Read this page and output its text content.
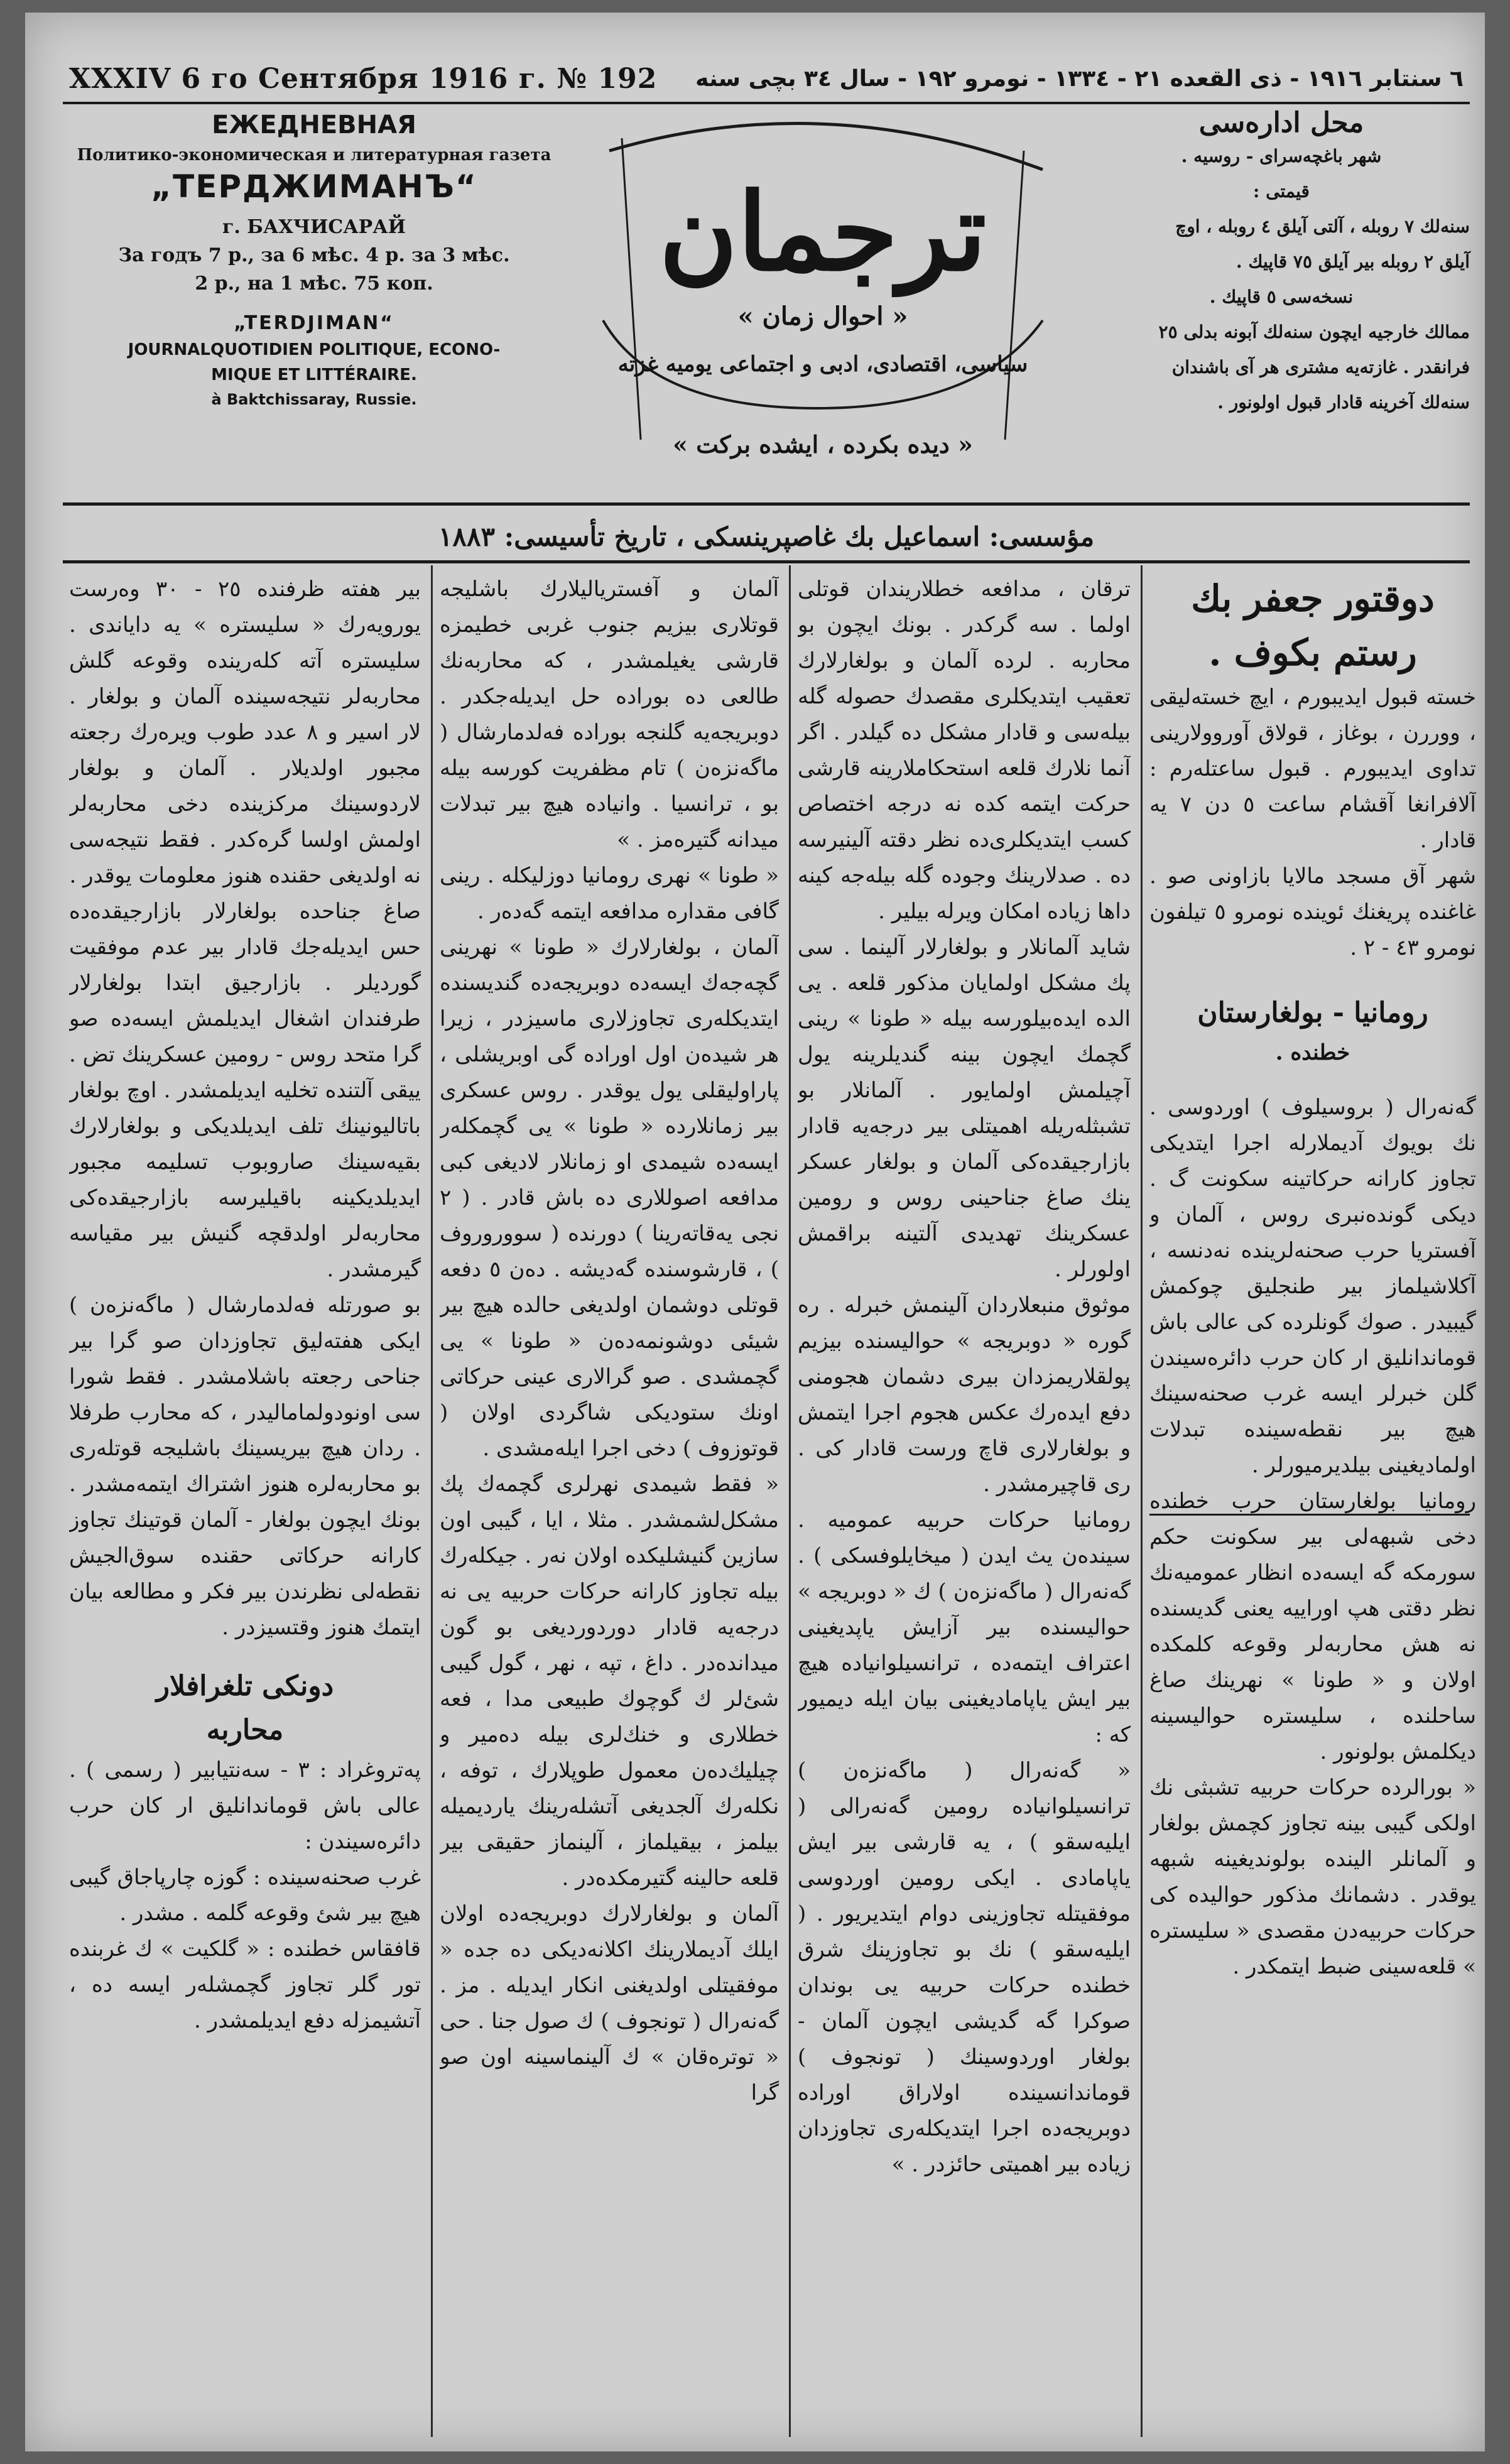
XXXIV 6 го Сентября 1916 г. № 192 ٦ سنتابر ١٩١٦ - ذی القعده ٢١ - ١٣٣٤ - نومرو ١٩٢ - سال ٣٤ بچی سنه
ЕЖЕДНЕВНАЯ
Политико-экономическая и литературная газета
„ТЕРДЖИМАНЪ“
г. БАХЧИСАРАЙ
За годъ 7 р., за 6 мѣс. 4 р. за 3 мѣс.
2 р., на 1 мѣс. 75 коп.
„TERDJIMAN“
JOURNALQUOTIDIEN POLITIQUE, ECONO-
MIQUE ET LITTÉRAIRE.
à Baktchissaray, Russie.
ترجمان
سیاسی، اقتصادی، ادبی و اجتماعی یومیه غزته
« احوال زمان »
« دیده بکرده ، ایشده برکت »
محل اداره‌سی
شهر باغچه‌سرای - روسیه .
قیمتی :
سنه‌لك ٧ روبله ، آلتی آیلق ٤ روبله ، اوچ
آیلق ٢ روبله بیر آیلق ٧٥ قاپیك .
نسخه‌سی ٥ قاپیك .
ممالك خارجیه ایچون سنه‌لك آبونه بدلی ٢٥
فرانقدر . غازته‌یه مشتری هر آی باشندان
سنه‌لك آخرینه قادار قبول اولونور .
مؤسسی: اسماعیل بك غاصپرینسکی ، تاریخ تأسیسی: ١٨٨٣

دوقتور جعفر بك رستم بکوف .

خسته قبول ایدیبورم ، ایچ خسته‌لیقی ، ووررن ، بوغاز ، قولاق آوروولارینی تداوی ایدیبورم . قبول ساعتله‌رم : آلافرانغا آقشام ساعت ٥ دن ٧ یه قادار .

شهر آق مسجد مالایا بازاونی صو . غاغنده پریغنك ئوینده نومرو ٥ تیلفون نومرو ٤٣ - ٢ .

رومانیا - بولغارستان

خطنده .

گه‌نه‌رال ( بروسیلوف ) اوردوسی . نك بویوك آدیملارله اجرا ایتدیکی تجاوز کارانه حرکاتینه سکونت گ . دیکی گونده‌نبری روس ، آلمان و آفستریا حرب صحنه‌لرینده نه‌دنسه ، آکلاشیلماز بیر طنجلیق چوکمش گیبیدر . صوك گونلرده کی عالی باش قوماندانلیق ار کان حرب دائره‌سیندن گلن خبرلر ایسه غرب صحنه‌سینك هیچ بیر نقطه‌سینده تبدلات اولمادیغینی بیلدیرمیورلر .

رومانیا بولغارستان حرب خطنده دخی شبهه‌لی بیر سکونت حکم سورمکه گه ایسه‌ده انظار عمومیه‌نك نظر دقتی هپ اوراییه یعنی گدیسنده نه‌ هش محاربه‌لر وقوعه کلمکده اولان و « طونا » نهرینك صاغ ساحلنده ، سلیستره حوالیسینه دیکلمش بولونور .

« بورالرده حرکات حربیه تشبثی نك اولکی گیبی بینه تجاوز کچمش بولغار و آلمانلر الینده بولوندیغینه شبهه یوقدر . دشمانك مذکور حوالیده کی حرکات حربیه‌دن مقصدی « سلیستره » قلعه‌سینی ضبط ایتمکدر .

ترقان ، مدافعه خطلاریندان قوتلی اولما . سه گرکدر . بونك ایچون بو محاربه . لرده آلمان و بولغارلارك تعقیب ایتدیکلری مقصدك حصوله گله بیله‌سی و قادار مشکل ده گیلدر . اگر آنما نلارك قلعه استحکاملارینه قارشی حرکت ایتمه کده نه درجه اختصاص کسب ایتدیکلری‌ده نظر دقته آلینیرسه ده . صدلارینك وجوده گله بیله‌جه کینه داها زیاده امکان ویرله بیلیر .

شاید آلمانلار و بولغارلار آلینما . سی پك مشکل اولمایان مذکور قلعه . یی الده ایده‌بیلورسه بیله « طونا » رینی گچمك ایچون بینه گندیلرینه یول آچیلمش اولمایور . آلمانلار بو تشبثله‌ریله اهمیتلی بیر درجه‌یه قادار بازارجیقده‌کی آلمان و بولغار عسکر ینك صاغ جناحینی روس و رومین عسکرینك تهدیدی آلتینه براقمش اولورلر .

موثوق منبعلاردان آلینمش خبرله . ره گوره « دوبریجه » حوالیسنده بیزیم پولقلاریمزدان بیری دشمان هجومنی دفع ایده‌رك عکس هجوم اجرا ایتمش و بولغارلاری قاچ ورست قادار کی . ری قاچیرمشدر .

رومانیا حرکات حربیه عمومیه . سینده‌ن یث ایدن ( میخایلوفسکی ) . گه‌نه‌رال ( ماگه‌نزه‌ن ) ك « دوبریجه » حوالیسنده بیر آزایش یاپدیغینی اعتراف ایتمه‌ده ، ترانسیلوانیاده هیچ بیر ایش یاپامادیغینی بیان ایله دیمیور که :

« گه‌نه‌رال ( ماگه‌نزه‌ن ) ترانسیلوانیاده رومین گه‌نه‌رالی ( ایلیه‌سقو ) ، یه قارشی بیر ایش یاپامادی . ایکی رومین اوردوسی موفقیتله تجاوزینی دوام ایتدیریور . ( ایلیه‌سقو ) نك بو تجاوزینك شرق خطنده حرکات حربیه یی بوندان صوکرا گه گدیشی ایچون آلمان - بولغار اوردوسینك ( تونجوف ) قوماندانسینده اولاراق اوراده دوبریجه‌ده اجرا ایتدیکله‌ری تجاوزدان زیاده بیر اهمیتی حائزدر . »

آلمان و آفستریالیلارك باشلیجه قوتلاری بیزیم جنوب غربی خطیمزه قارشی یغیلمشدر ، که محاربه‌نك طالعی ده بوراده حل ایدیله‌جکدر . دوبریجه‌یه گلنجه بوراده فه‌لدمارشال ( ماگه‌نزه‌ن ) تام مظفریت کورسه بیله بو ، ترانسیا . وانیاده هیچ بیر تبدلات میدانه گتیره‌مز . »

« طونا » نهری رومانیا دوزلیکله . رینی گافی مقداره مدافعه ایتمه گه‌ده‌ر .

آلمان ، بولغارلارك « طونا » نهرینی گچه‌جه‌ك ایسه‌ده دوبریجه‌ده گندیسنده ایتدیکله‌ری تجاوزلاری ما‌سیزدر ، زیرا هر شیده‌ن اول اوراده گی اوبریشلی ، پارا‌ولیقلی یول یوقدر . روس عسکری بیر زمانلارده « طونا » یی گچمکله‌ر ایسه‌ده شیمدی او زمانلار لادیغی کبی مدافعه اصوللاری ده باش قادر . ( ٢ نجی یه‌قاته‌رینا ) دورنده ( سووروروف ) ، قارشوسنده گه‌دیشه . ده‌ن ٥ دفعه قوتلی دوشمان اولدیغی حالده هیچ بیر شیئی دوشونمه‌ده‌ن « طونا » یی گچمشدی . صو گرالاری عینی حرکاتی اونك ستودیکی شاگردی اولان ( قوتوزوف ) دخی اجرا ایله‌مشدی .

« فقط شیمدی نهرلری گچمه‌ك پك مشکل‌لشمشدر . مثلا ، ایا ، گیبی اون سازین گنیشلیکده اولان نه‌ر . جیکله‌رك بیله تجاوز کارانه حرکات حربیه یی نه درجه‌یه قادار دوردوردیغی بو گون میدانده‌در . داغ ، تپه ، نهر ، گول گیبی شئ‌لر ك گوچوك طبیعی مدا ، فعه خطلاری و خنك‌لری بیله ده‌میر و چیلیك‌ده‌ن معمول طوپلارك ، توفه ، نکله‌رك آلجدیغی آتشله‌رینك یاردیمیله بیلمز ، بیقیلماز ، آلینماز حقیقی بیر قلعه حالینه گتیرمكده‌در .

آلمان و بولغارلارك دوبریجه‌ده اولان ایلك آدیملارینك اکلانه‌دیکی ده جده « موفقیتلی اولدیغنی انکار ایدیله . مز . گه‌نه‌رال ( تونجوف ) ك صول جنا . حی « توتره‌قان » ك آلینماسینه اون صو گرا

بیر هفته ظرفنده ٢٥ - ٣٠ وه‌رست یورویه‌رك « سلیستره » یه دایاندی . سلیستره آته کله‌رینده وقوعه گلش محاربه‌لر نتیجه‌سینده آلمان و بولغار . لار اسیر و ٨ عدد طوب ویره‌رك رجعته مجبور اولدیلار . آلمان و بولغار لاردوسینك مرکزینده دخی محاربه‌لر اولمش اولسا گره‌کدر . فقط نتیجه‌سی نه اولدیغی حقنده هنوز معلومات یوقدر .

صاغ جناحده بولغارلار بازارجیقده‌ده حس ایدیله‌جك قادار بیر عدم موفقیت گوردیلر . بازارجیق ابتدا بولغارلار طرفندان اشغال ایدیلمش ایسه‌ده صو گرا متحد روس - رومین عسکرینك تض . ییقی آلتنده تخلیه ایدیلمشدر . اوچ بولغار باتالیونینك تلف ایدیلدیکی و بولغارلارك بقیه‌سینك صاروبوب تسلیمه مجبور ایدیلدیکینه باقیلیرسه بازارجیقده‌کی محاربه‌لر اولدقچه گنیش بیر مقیاسه گیرمشدر .

بو صورتله فه‌لدمارشال ( ماگه‌نزه‌ن ) ایکی هفته‌لیق تجاوزدان صو گرا بیر جناحی رجعته باشلامشدر . فقط شورا سی اونودولمامالیدر ، که محارب طرفلا . ردان هیچ بیریسینك باشلیجه قوتله‌ری بو محاربه‌لره هنوز اشتراك ایتمه‌مشدر . بونك ایچون بولغار - آلمان قوتینك تجاوز کارانه حرکاتی حقنده سوق‌الجیش نقطه‌لی نظرندن بیر فکر و مطالعه بیان ایتمك هنوز وقتسیزدر .

دونکی تلغرافلار

محاربه

په‌تروغراد : ٣ - سه‌نتیابیر ( رسمی ) . عالی باش قوماندانلیق ار کان حرب دائره‌سیندن :

غرب صحنه‌سینده : گوزه چارپاجاق گیبی هیچ بیر شئ وقوعه گلمه . مشدر .

قافقاس خطنده : « گلکیت » ك غربنده تور گلر تجاوز گچمشله‌ر ایسه ده ، آتشیمزله دفع ایدیلمشدر .
